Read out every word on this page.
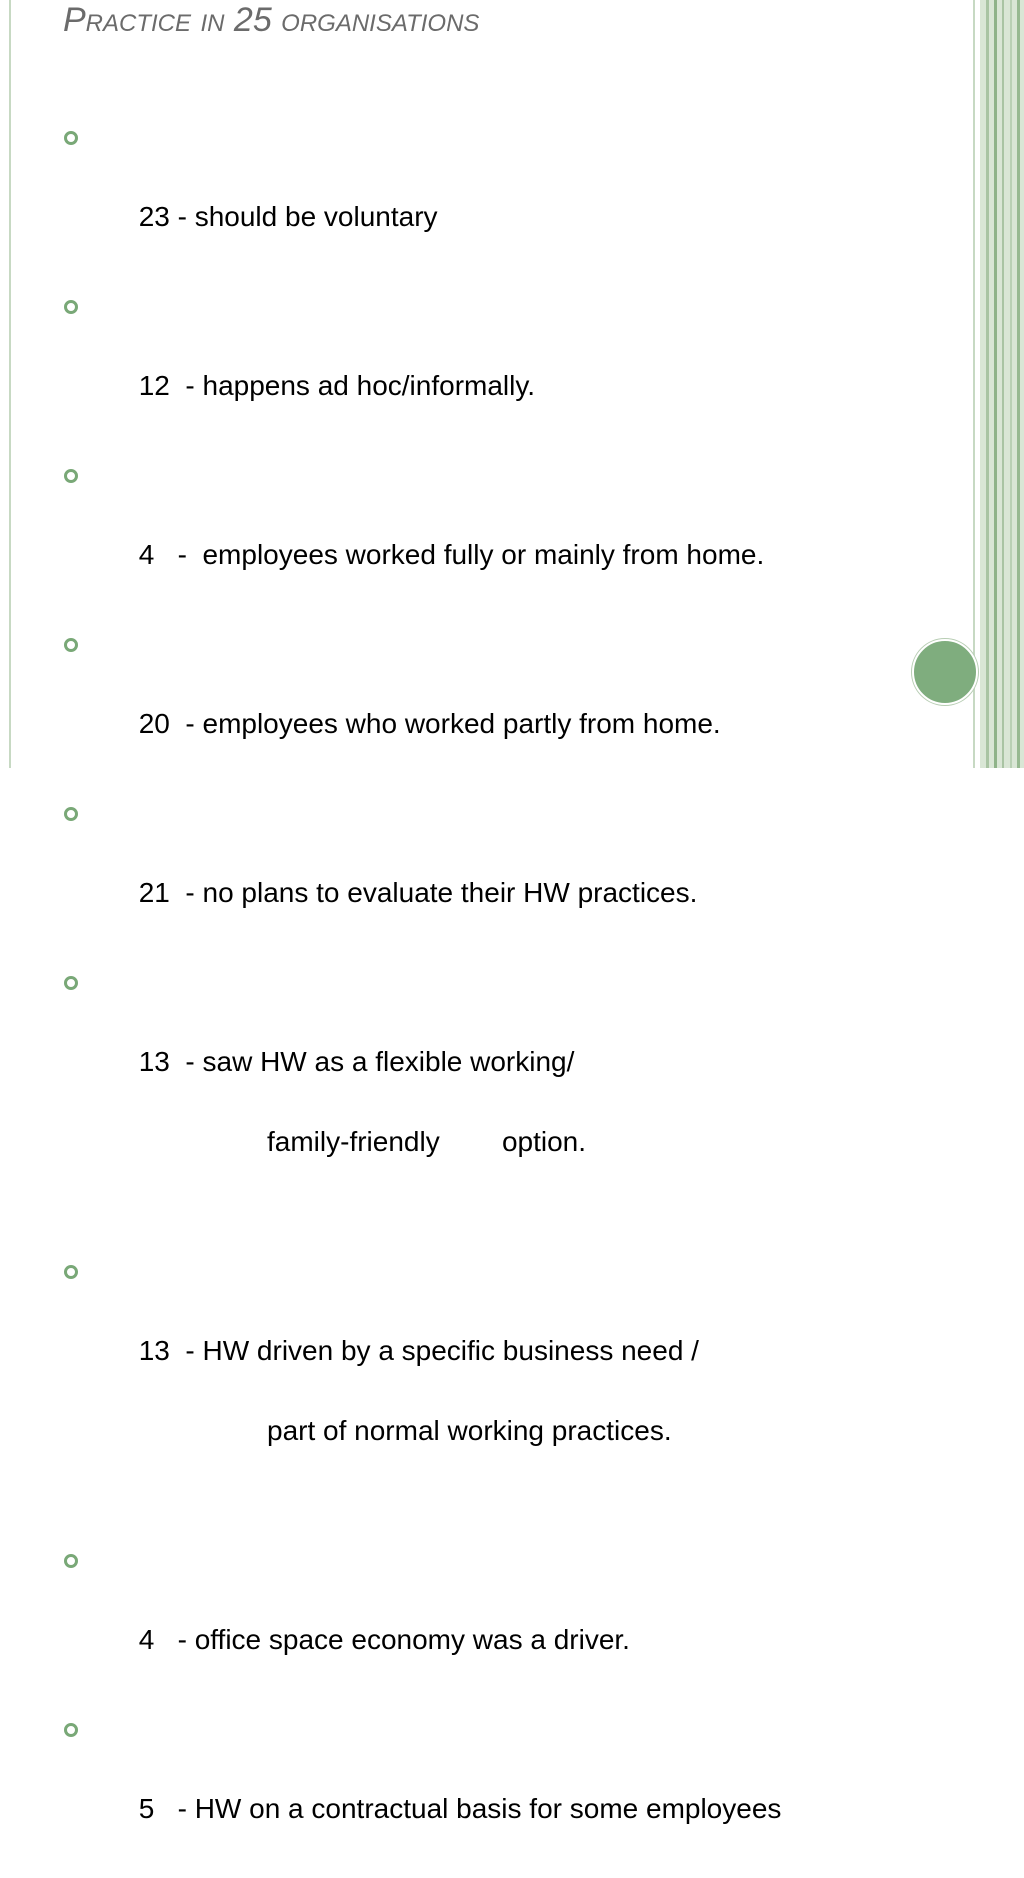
Practice in 25 organisations

23 - should be voluntary

12  - happens ad hoc/informally.

4   -  employees worked fully or mainly from home.

20  - employees who worked partly from home.

21  - no plans to evaluate their HW practices.

13  - saw HW as a flexible working/

family-friendly        option.

13  - HW driven by a specific business need /

part of normal working practices.

4   - office space economy was a driver.

5   - HW on a contractual basis for some employees
